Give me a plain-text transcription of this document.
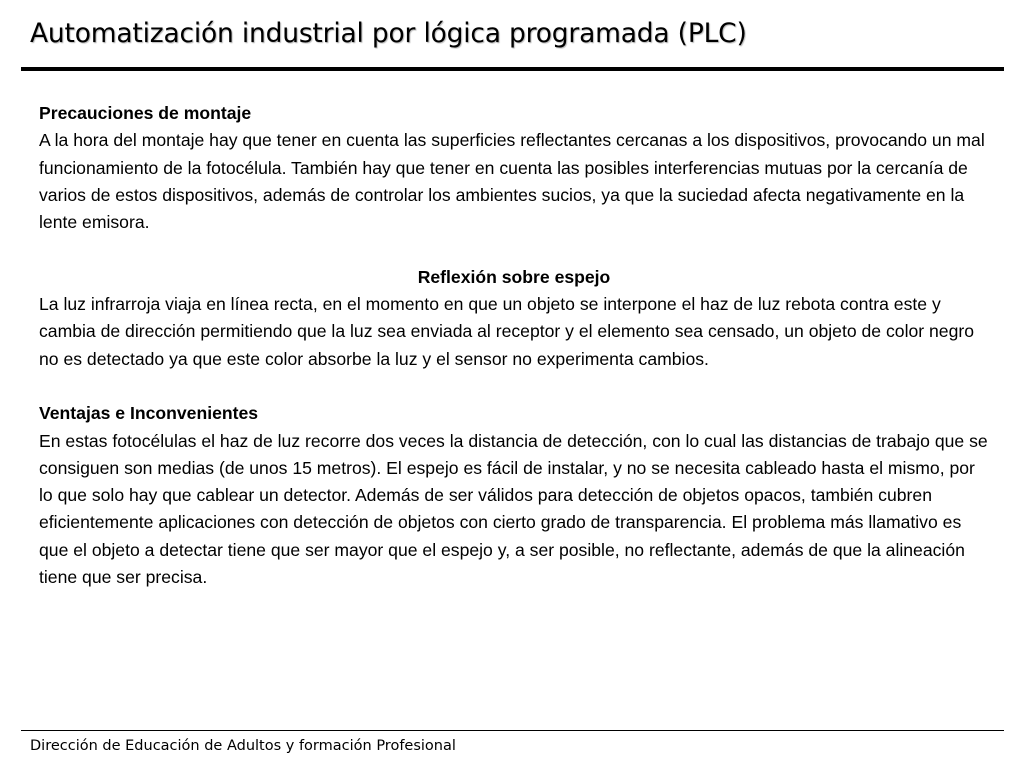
Automatización industrial por lógica programada (PLC)

Precauciones de montaje

A la hora del montaje hay que tener en cuenta las superficies reflectantes cercanas a los dispositivos, provocando un mal funcionamiento de la fotocélula. También hay que tener en cuenta las posibles interferencias mutuas por la cercanía de varios de estos dispositivos, además de controlar los ambientes sucios, ya que la suciedad afecta negativamente en la lente emisora.

Reflexión sobre espejo

La luz infrarroja viaja en línea recta, en el momento en que un objeto se interpone el haz de luz rebota contra este y cambia de dirección permitiendo que la luz sea enviada al receptor y el elemento sea censado, un objeto de color negro no es detectado ya que este color absorbe la luz y el sensor no experimenta cambios.

Ventajas e Inconvenientes

En estas fotocélulas el haz de luz recorre dos veces la distancia de detección, con lo cual las distancias de trabajo que se consiguen son medias (de unos 15 metros). El espejo es fácil de instalar, y no se necesita cableado hasta el mismo, por lo que solo hay que cablear un detector. Además de ser válidos para detección de objetos opacos, también cubren eficientemente aplicaciones con detección de objetos con cierto grado de transparencia. El problema más llamativo es que el objeto a detectar tiene que ser mayor que el espejo y, a ser posible, no reflectante, además de que la alineación tiene que ser precisa.

Dirección de Educación de Adultos y formación Profesional
